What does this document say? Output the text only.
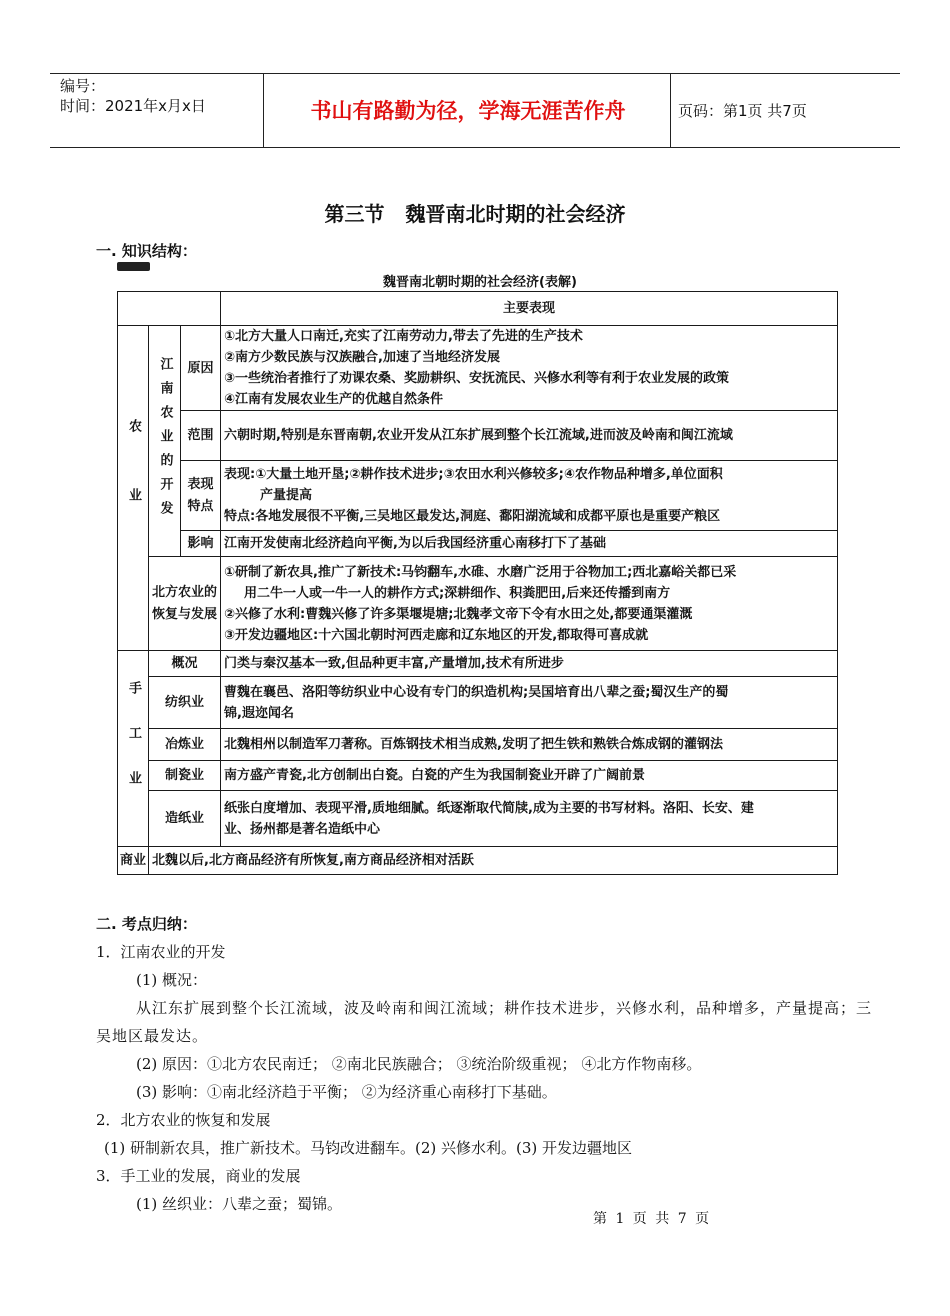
编号：
时间：2021年x月x日	书山有路勤为径，学海无涯苦作舟	页码：第1页 共7页
第三节 魏晋南北时期的社会经济
一. 知识结构：
魏晋南北朝时期的社会经济(表解)
			主要表现

农业	江南农业的开发	原因	①北方大量人口南迁,充实了江南劳动力,带去了先进的生产技术

②南方少数民族与汉族融合,加速了当地经济发展

③一些统治者推行了劝课农桑、奖励耕织、安抚流民、兴修水利等有利于农业发展的政策

④江南有发展农业生产的优越自然条件

		范围	六朝时期,特别是东晋南朝,农业开发从江东扩展到整个长江流域,进而波及岭南和闽江流域

		表现特点	表现:①大量土地开垦;②耕作技术进步;③农田水利兴修较多;④农作物品种增多,单位面积

产量提高

特点:各地发展很不平衡,三吴地区最发达,洞庭、鄱阳湖流域和成都平原也是重要产粮区

		影响	江南开发使南北经济趋向平衡,为以后我国经济重心南移打下了基础
	北方农业的恢复与发展		①研制了新农具,推广了新技术:马钧翻车,水碓、水磨广泛用于谷物加工;西北嘉峪关都已采

用二牛一人或一牛一人的耕作方式;深耕细作、积粪肥田,后来还传播到南方

②兴修了水利:曹魏兴修了许多渠堰堤塘;北魏孝文帝下令有水田之处,都要通渠灌溉

③开发边疆地区:十六国北朝时河西走廊和辽东地区的开发,都取得可喜成就

手工业	概况		门类与秦汉基本一致,但品种更丰富,产量增加,技术有所进步
	纺织业		曹魏在襄邑、洛阳等纺织业中心设有专门的织造机构;吴国培育出八辈之蚕;蜀汉生产的蜀

锦,遐迩闻名

	冶炼业		北魏相州以制造军刀著称。百炼钢技术相当成熟,发明了把生铁和熟铁合炼成钢的灌钢法
	制瓷业		南方盛产青瓷,北方创制出白瓷。白瓷的产生为我国制瓷业开辟了广阔前景
	造纸业		纸张白度增加、表现平滑,质地细腻。纸逐渐取代简牍,成为主要的书写材料。洛阳、长安、建

业、扬州都是著名造纸中心

商业	北魏以后,北方商品经济有所恢复,南方商品经济相对活跃		

二. 考点归纳：

1．江南农业的开发

(1) 概况：

从江东扩展到整个长江流域，波及岭南和闽江流域；耕作技术进步，兴修水利，品种增多，产量提高；三吴地区最发达。

(2) 原因：①北方农民南迁； ②南北民族融合； ③统治阶级重视； ④北方作物南移。

(3) 影响：①南北经济趋于平衡； ②为经济重心南移打下基础。

2．北方农业的恢复和发展

(1) 研制新农具，推广新技术。马钧改进翻车。(2) 兴修水利。(3) 开发边疆地区

3．手工业的发展，商业的发展

(1) 丝织业：八辈之蚕；蜀锦。

第 1 页 共 7 页
